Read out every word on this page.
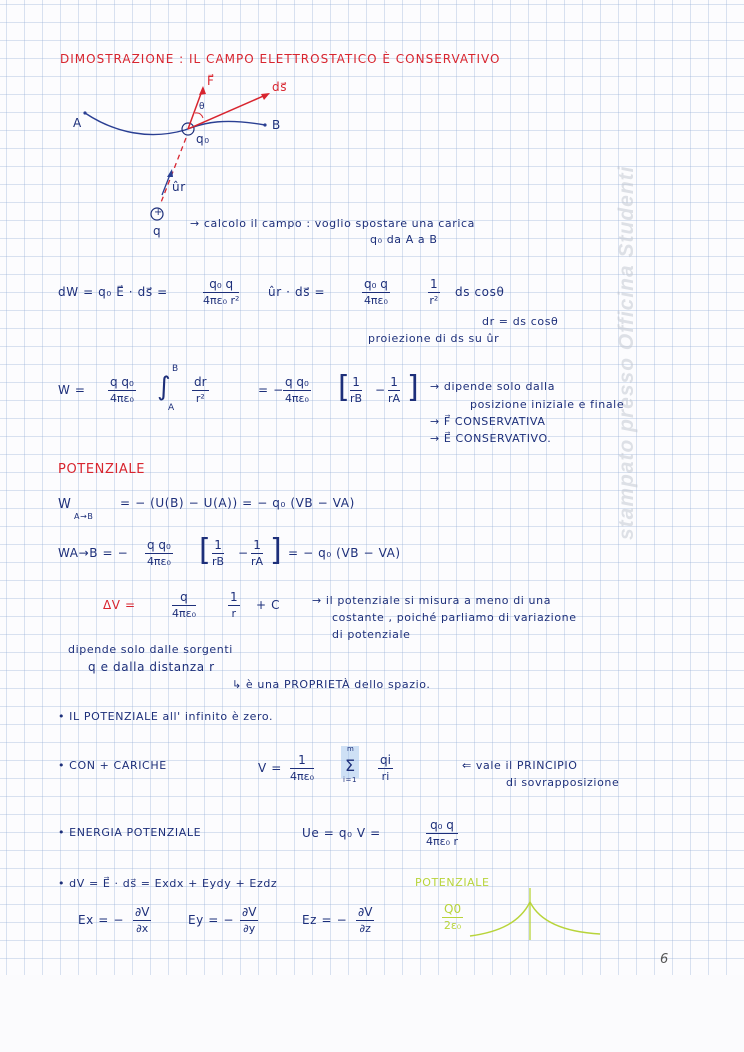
stampato presso Officina Studenti
DIMOSTRAZIONE : IL CAMPO ELETTROSTATICO È CONSERVATIVO
A	B
F⃗
θ
ds⃗
q₀
ûr
+
q
→ calcolo il campo : voglio spostare una carica
q₀ da A a B
dW = q₀ E⃗ · ds⃗ =	$\frac{\text{q₀ q}}{\text{4πε₀ r²}}$ ûr · ds⃗ =	$\frac{\text{q₀ q}}{\text{4πε₀}}$	$\frac{1}{\text{r²}}$ ds cosθ
dr = ds cosθ
proiezione di ds su ûr
$W = \frac{\text{q q₀}}{\text{4πε₀}}$ ∫
B
A
$\frac{dr}{\text{r²}}$	= − $\frac{\text{q q₀}}{\text{4πε₀}}$ [ $\frac{1}{rB} - \frac{1}{rA}$ ] → dipende solo dalla
posizione iniziale e finale
→ F⃗ CONSERVATIVA
→ E⃗ CONSERVATIVO.
POTENZIALE
W
A→B
= − (U(B) − U(A)) = − q₀ (VB − VA)
WA→B = − $\frac{\text{q q₀}}{\text{4πε₀}}$ [ $\frac{1}{rB} - \frac{1}{rA}$ ] = − q₀ (VB − VA)
ΔV =	$\frac{q}{\text{4πε₀}}$	$\frac{1}{r} + C$	→ il potenziale si misura a meno di una
costante , poiché parliamo di variazione
di potenziale
dipende solo dalle sorgenti
q e dalla distanza r
↳ è una PROPRIETÀ dello spazio.
• IL POTENZIALE all' infinito è zero.
• CON + CARICHE	$V = \frac{1}{\text{4πε₀}}$ Σ
m
$i=1 \frac{qi}{ri}$	⇐ vale il PRINCIPIO
di sovrapposizione
• ENERGIA POTENZIALE	Ue = q₀ V =	$\frac{\text{q₀ q}}{\text{4πε₀ r}}$
• dV = E⃗ · ds⃗ = Exdx + Eydy + Ezdz
Ex = − $\frac{\partial V}{\partial x}$	Ey = − $\frac{\partial V}{\partial y}$	Ez = − $\frac{\partial V}{\partial z}$
POTENZIALE
$\frac{Q0}{\text{2ε₀}}$
6
